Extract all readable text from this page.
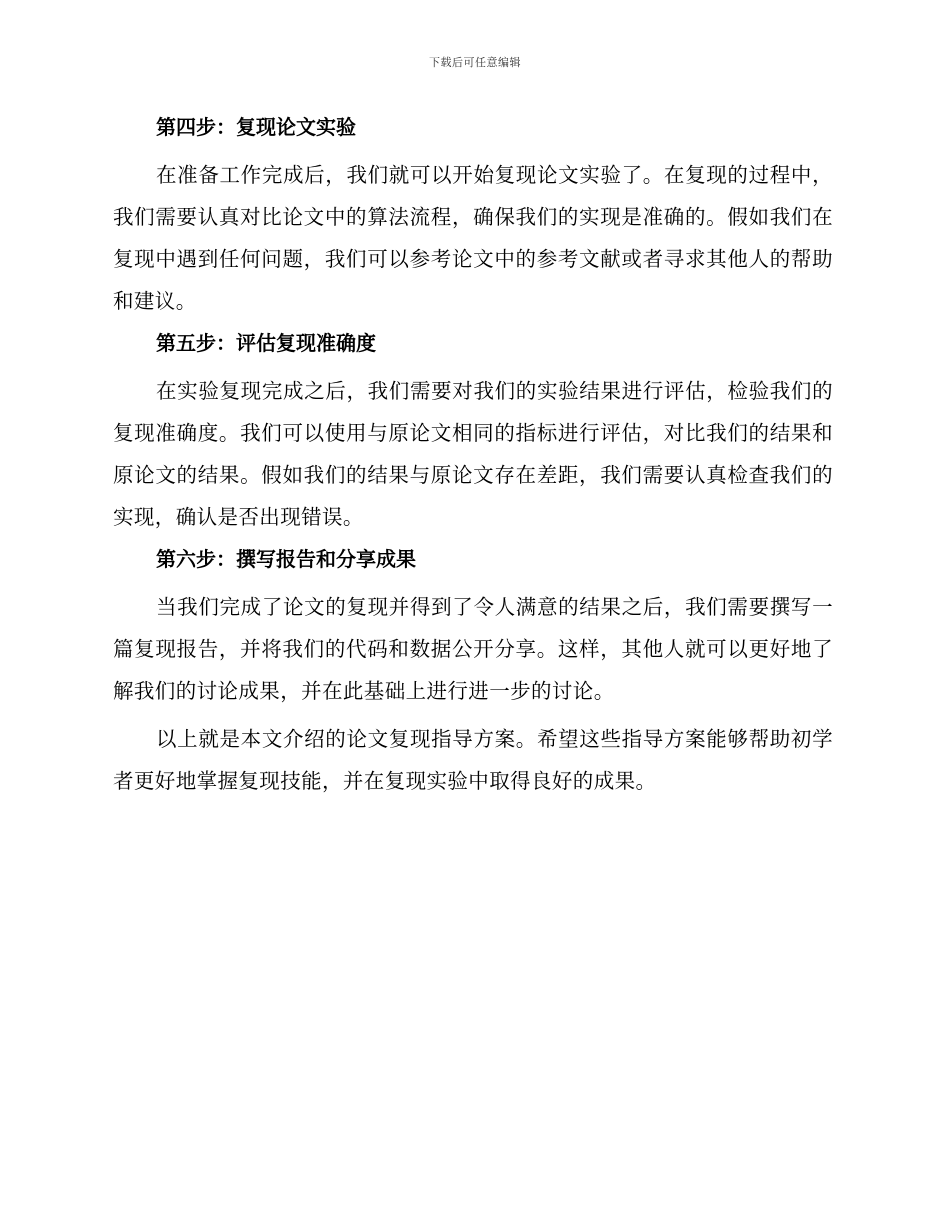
下载后可任意编辑
第四步：复现论文实验

在准备工作完成后，我们就可以开始复现论文实验了。在复现的过程中，我们需要认真对比论文中的算法流程，确保我们的实现是准确的。假如我们在复现中遇到任何问题，我们可以参考论文中的参考文献或者寻求其他人的帮助和建议。

第五步：评估复现准确度

在实验复现完成之后，我们需要对我们的实验结果进行评估，检验我们的复现准确度。我们可以使用与原论文相同的指标进行评估，对比我们的结果和原论文的结果。假如我们的结果与原论文存在差距，我们需要认真检查我们的实现，确认是否出现错误。

第六步：撰写报告和分享成果

当我们完成了论文的复现并得到了令人满意的结果之后，我们需要撰写一篇复现报告，并将我们的代码和数据公开分享。这样，其他人就可以更好地了解我们的讨论成果，并在此基础上进行进一步的讨论。

以上就是本文介绍的论文复现指导方案。希望这些指导方案能够帮助初学者更好地掌握复现技能，并在复现实验中取得良好的成果。
